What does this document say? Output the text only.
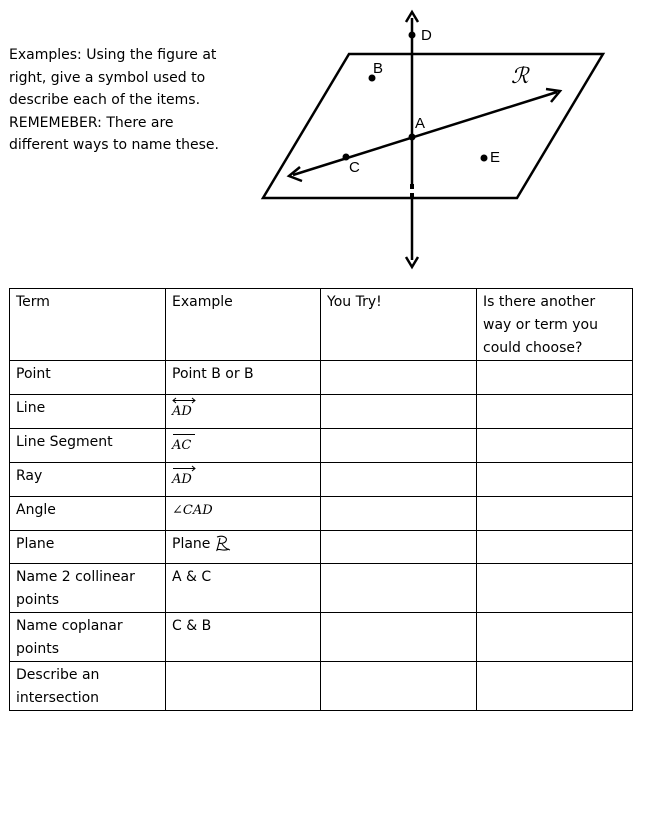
Examples: Using the figure at
right, give a symbol used to
describe each of the items.
REMEMEBER: There are
different ways to name these.
D
B
A
C
E
ℛ
Term	Example	You Try!	Is there another way or term you could choose?
Point	Point B or B		
Line	AD		
Line Segment	AC		
Ray	AD		
Angle	∠CAD		
Plane	Plane		
Name 2 collinear points	A & C		
Name coplanar points	C & B		
Describe an intersection			
